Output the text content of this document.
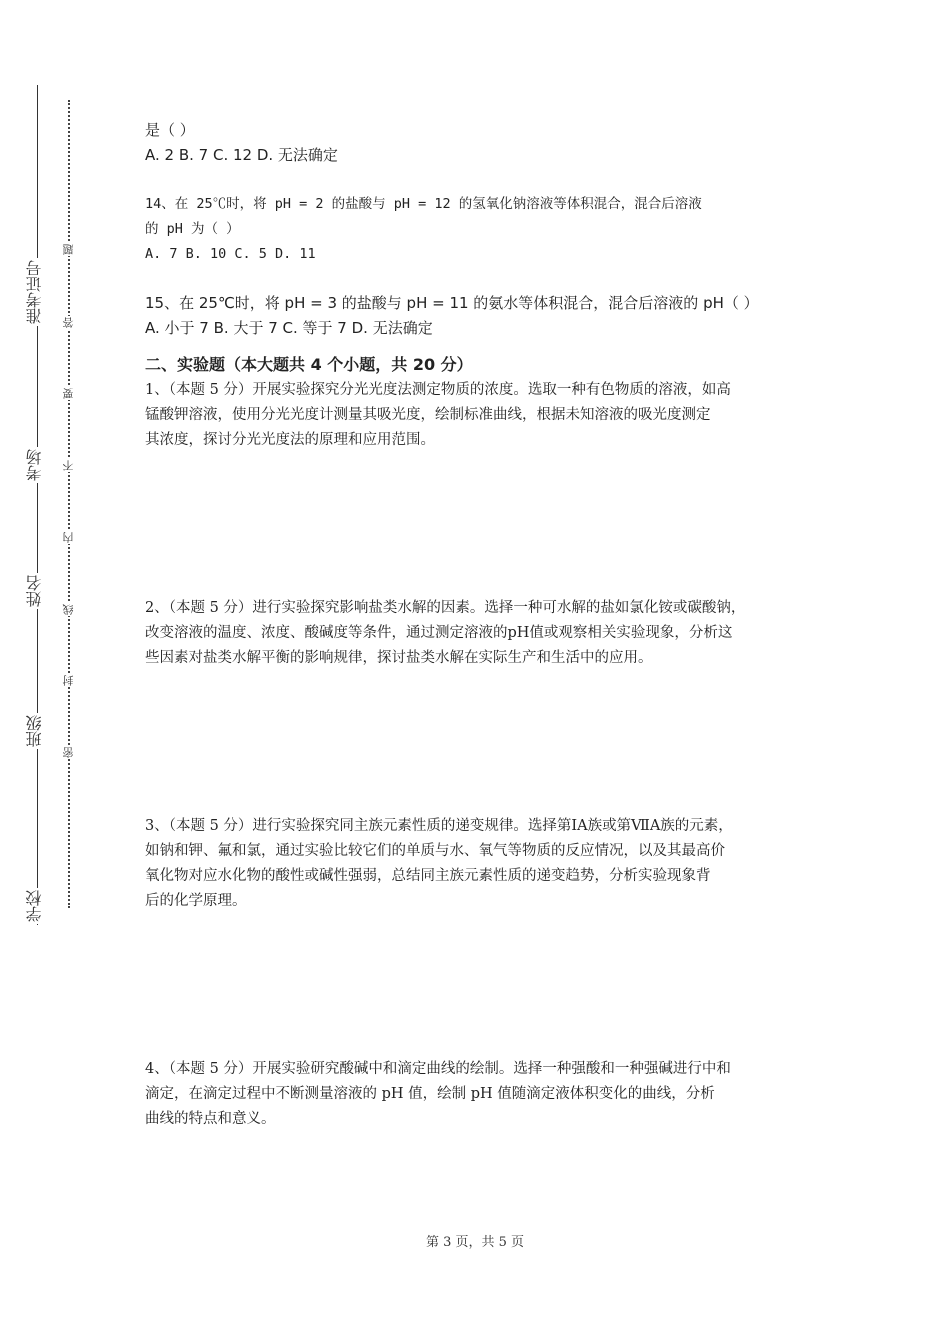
准考证号
考场
姓名
班级
学校
题
答
要
不
内
线
封
密

是（ ）

A. 2 B. 7 C. 12 D. 无法确定

14、在 25℃时，将 pH = 2 的盐酸与 pH = 12 的氢氧化钠溶液等体积混合，混合后溶液

的 pH 为（ ）

A. 7 B. 10 C. 5 D. 11

15、在 25℃时，将 pH = 3 的盐酸与 pH = 11 的氨水等体积混合，混合后溶液的 pH（ ）

A. 小于 7 B. 大于 7 C. 等于 7 D. 无法确定

二、实验题（本大题共 4 个小题，共 20 分）

1、（本题 5 分）开展实验探究分光光度法测定物质的浓度。选取一种有色物质的溶液，如高

锰酸钾溶液，使用分光光度计测量其吸光度，绘制标准曲线，根据未知溶液的吸光度测定

其浓度，探讨分光光度法的原理和应用范围。

2、（本题 5 分）进行实验探究影响盐类水解的因素。选择一种可水解的盐如氯化铵或碳酸钠，

改变溶液的温度、浓度、酸碱度等条件，通过测定溶液的pH值或观察相关实验现象，分析这

些因素对盐类水解平衡的影响规律，探讨盐类水解在实际生产和生活中的应用。

3、（本题 5 分）进行实验探究同主族元素性质的递变规律。选择第ⅠA族或第ⅦA族的元素，

如钠和钾、氟和氯，通过实验比较它们的单质与水、氧气等物质的反应情况，以及其最高价

氧化物对应水化物的酸性或碱性强弱，总结同主族元素性质的递变趋势，分析实验现象背

后的化学原理。

4、（本题 5 分）开展实验研究酸碱中和滴定曲线的绘制。选择一种强酸和一种强碱进行中和

滴定，在滴定过程中不断测量溶液的 pH 值，绘制 pH 值随滴定液体积变化的曲线，分析

曲线的特点和意义。

第 3 页，共 5 页
